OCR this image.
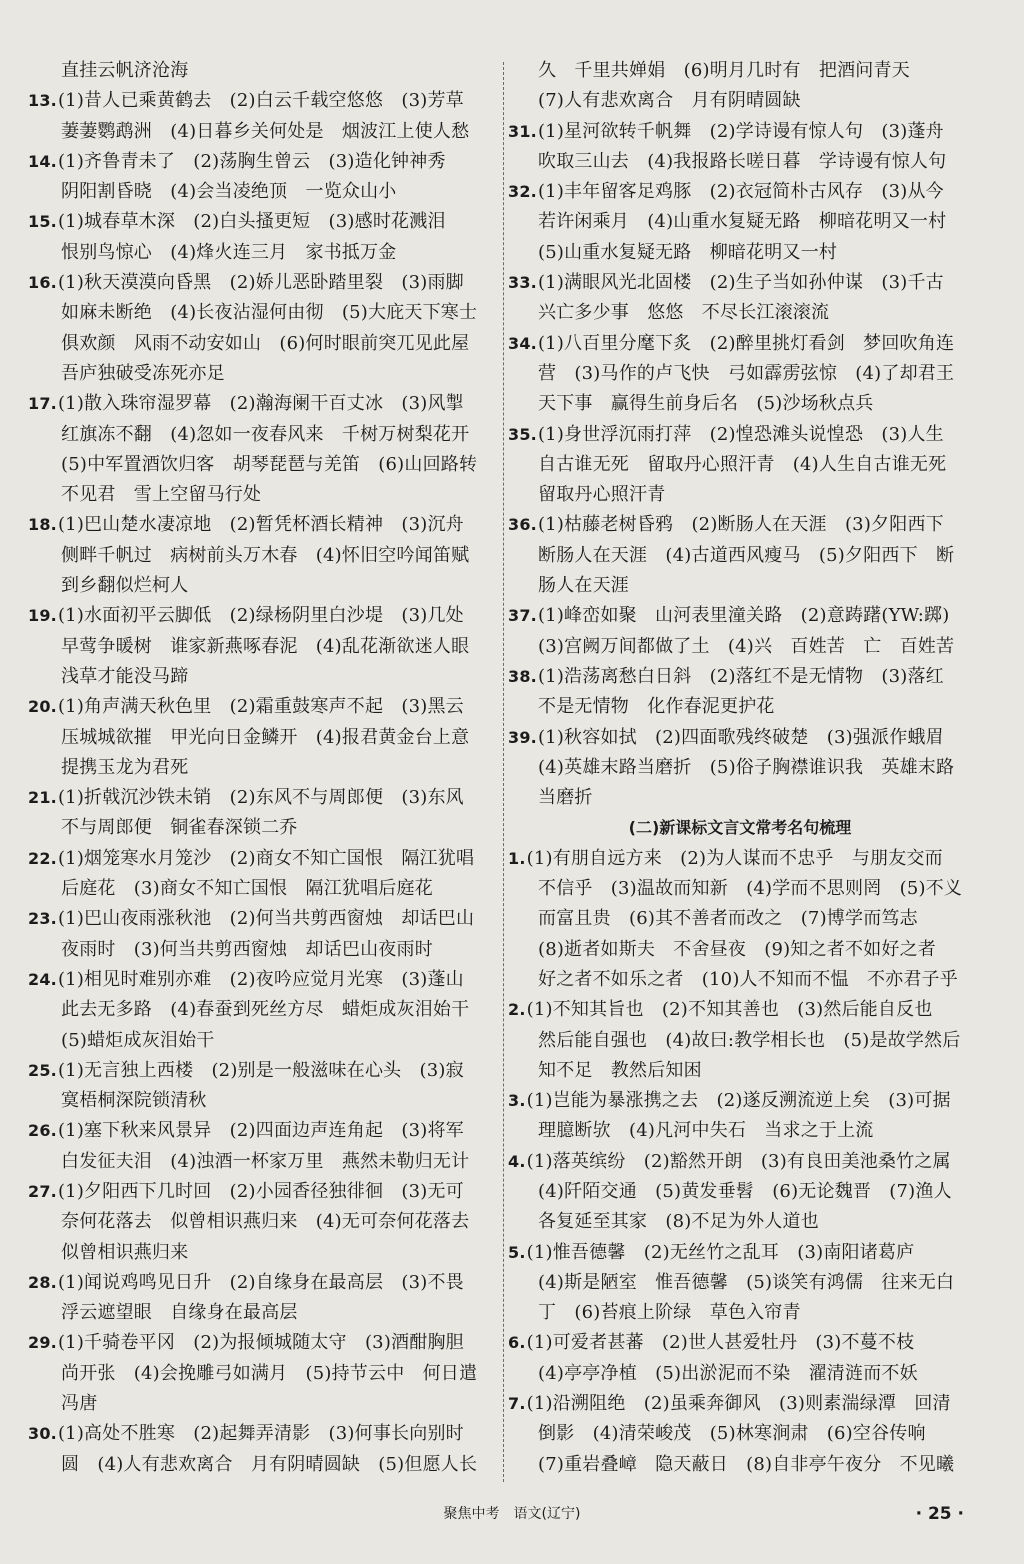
直挂云帆济沧海
13.(1)昔人已乘黄鹤去　(2)白云千载空悠悠　(3)芳草
萋萋鹦鹉洲　(4)日暮乡关何处是　烟波江上使人愁
14.(1)齐鲁青未了　(2)荡胸生曾云　(3)造化钟神秀
阴阳割昏晓　(4)会当凌绝顶　一览众山小
15.(1)城春草木深　(2)白头搔更短　(3)感时花溅泪
恨别鸟惊心　(4)烽火连三月　家书抵万金
16.(1)秋天漠漠向昏黑　(2)娇儿恶卧踏里裂　(3)雨脚
如麻未断绝　(4)长夜沾湿何由彻　(5)大庇天下寒士
俱欢颜　风雨不动安如山　(6)何时眼前突兀见此屋
吾庐独破受冻死亦足
17.(1)散入珠帘湿罗幕　(2)瀚海阑干百丈冰　(3)风掣
红旗冻不翻　(4)忽如一夜春风来　千树万树梨花开
(5)中军置酒饮归客　胡琴琵琶与羌笛　(6)山回路转
不见君　雪上空留马行处
18.(1)巴山楚水凄凉地　(2)暂凭杯酒长精神　(3)沉舟
侧畔千帆过　病树前头万木春　(4)怀旧空吟闻笛赋
到乡翻似烂柯人
19.(1)水面初平云脚低　(2)绿杨阴里白沙堤　(3)几处
早莺争暖树　谁家新燕啄春泥　(4)乱花渐欲迷人眼
浅草才能没马蹄
20.(1)角声满天秋色里　(2)霜重鼓寒声不起　(3)黑云
压城城欲摧　甲光向日金鳞开　(4)报君黄金台上意
提携玉龙为君死
21.(1)折戟沉沙铁未销　(2)东风不与周郎便　(3)东风
不与周郎便　铜雀春深锁二乔
22.(1)烟笼寒水月笼沙　(2)商女不知亡国恨　隔江犹唱
后庭花　(3)商女不知亡国恨　隔江犹唱后庭花
23.(1)巴山夜雨涨秋池　(2)何当共剪西窗烛　却话巴山
夜雨时　(3)何当共剪西窗烛　却话巴山夜雨时
24.(1)相见时难别亦难　(2)夜吟应觉月光寒　(3)蓬山
此去无多路　(4)春蚕到死丝方尽　蜡炬成灰泪始干
(5)蜡炬成灰泪始干
25.(1)无言独上西楼　(2)别是一般滋味在心头　(3)寂
寞梧桐深院锁清秋
26.(1)塞下秋来风景异　(2)四面边声连角起　(3)将军
白发征夫泪　(4)浊酒一杯家万里　燕然未勒归无计
27.(1)夕阳西下几时回　(2)小园香径独徘徊　(3)无可
奈何花落去　似曾相识燕归来　(4)无可奈何花落去
似曾相识燕归来
28.(1)闻说鸡鸣见日升　(2)自缘身在最高层　(3)不畏
浮云遮望眼　自缘身在最高层
29.(1)千骑卷平冈　(2)为报倾城随太守　(3)酒酣胸胆
尚开张　(4)会挽雕弓如满月　(5)持节云中　何日遣
冯唐
30.(1)高处不胜寒　(2)起舞弄清影　(3)何事长向别时
圆　(4)人有悲欢离合　月有阴晴圆缺　(5)但愿人长
久　千里共婵娟　(6)明月几时有　把酒问青天
(7)人有悲欢离合　月有阴晴圆缺
31.(1)星河欲转千帆舞　(2)学诗谩有惊人句　(3)蓬舟
吹取三山去　(4)我报路长嗟日暮　学诗谩有惊人句
32.(1)丰年留客足鸡豚　(2)衣冠简朴古风存　(3)从今
若许闲乘月　(4)山重水复疑无路　柳暗花明又一村
(5)山重水复疑无路　柳暗花明又一村
33.(1)满眼风光北固楼　(2)生子当如孙仲谋　(3)千古
兴亡多少事　悠悠　不尽长江滚滚流
34.(1)八百里分麾下炙　(2)醉里挑灯看剑　梦回吹角连
营　(3)马作的卢飞快　弓如霹雳弦惊　(4)了却君王
天下事　赢得生前身后名　(5)沙场秋点兵
35.(1)身世浮沉雨打萍　(2)惶恐滩头说惶恐　(3)人生
自古谁无死　留取丹心照汗青　(4)人生自古谁无死
留取丹心照汗青
36.(1)枯藤老树昏鸦　(2)断肠人在天涯　(3)夕阳西下
断肠人在天涯　(4)古道西风瘦马　(5)夕阳西下　断
肠人在天涯
37.(1)峰峦如聚　山河表里潼关路　(2)意踌躇(YW:踯)
(3)宫阙万间都做了土　(4)兴　百姓苦　亡　百姓苦
38.(1)浩荡离愁白日斜　(2)落红不是无情物　(3)落红
不是无情物　化作春泥更护花
39.(1)秋容如拭　(2)四面歌残终破楚　(3)强派作蛾眉
(4)英雄末路当磨折　(5)俗子胸襟谁识我　英雄末路
当磨折
(二)新课标文言文常考名句梳理
1.(1)有朋自远方来　(2)为人谋而不忠乎　与朋友交而
不信乎　(3)温故而知新　(4)学而不思则罔　(5)不义
而富且贵　(6)其不善者而改之　(7)博学而笃志
(8)逝者如斯夫　不舍昼夜　(9)知之者不如好之者
好之者不如乐之者　(10)人不知而不愠　不亦君子乎
2.(1)不知其旨也　(2)不知其善也　(3)然后能自反也
然后能自强也　(4)故曰:教学相长也　(5)是故学然后
知不足　教然后知困
3.(1)岂能为暴涨携之去　(2)遂反溯流逆上矣　(3)可据
理臆断欤　(4)凡河中失石　当求之于上流
4.(1)落英缤纷　(2)豁然开朗　(3)有良田美池桑竹之属
(4)阡陌交通　(5)黄发垂髫　(6)无论魏晋　(7)渔人
各复延至其家　(8)不足为外人道也
5.(1)惟吾德馨　(2)无丝竹之乱耳　(3)南阳诸葛庐
(4)斯是陋室　惟吾德馨　(5)谈笑有鸿儒　往来无白
丁　(6)苔痕上阶绿　草色入帘青
6.(1)可爱者甚蕃　(2)世人甚爱牡丹　(3)不蔓不枝
(4)亭亭净植　(5)出淤泥而不染　濯清涟而不妖
7.(1)沿溯阻绝　(2)虽乘奔御风　(3)则素湍绿潭　回清
倒影　(4)清荣峻茂　(5)林寒涧肃　(6)空谷传响
(7)重岩叠嶂　隐天蔽日　(8)自非亭午夜分　不见曦
聚焦中考　语文(辽宁)	· 25 ·
